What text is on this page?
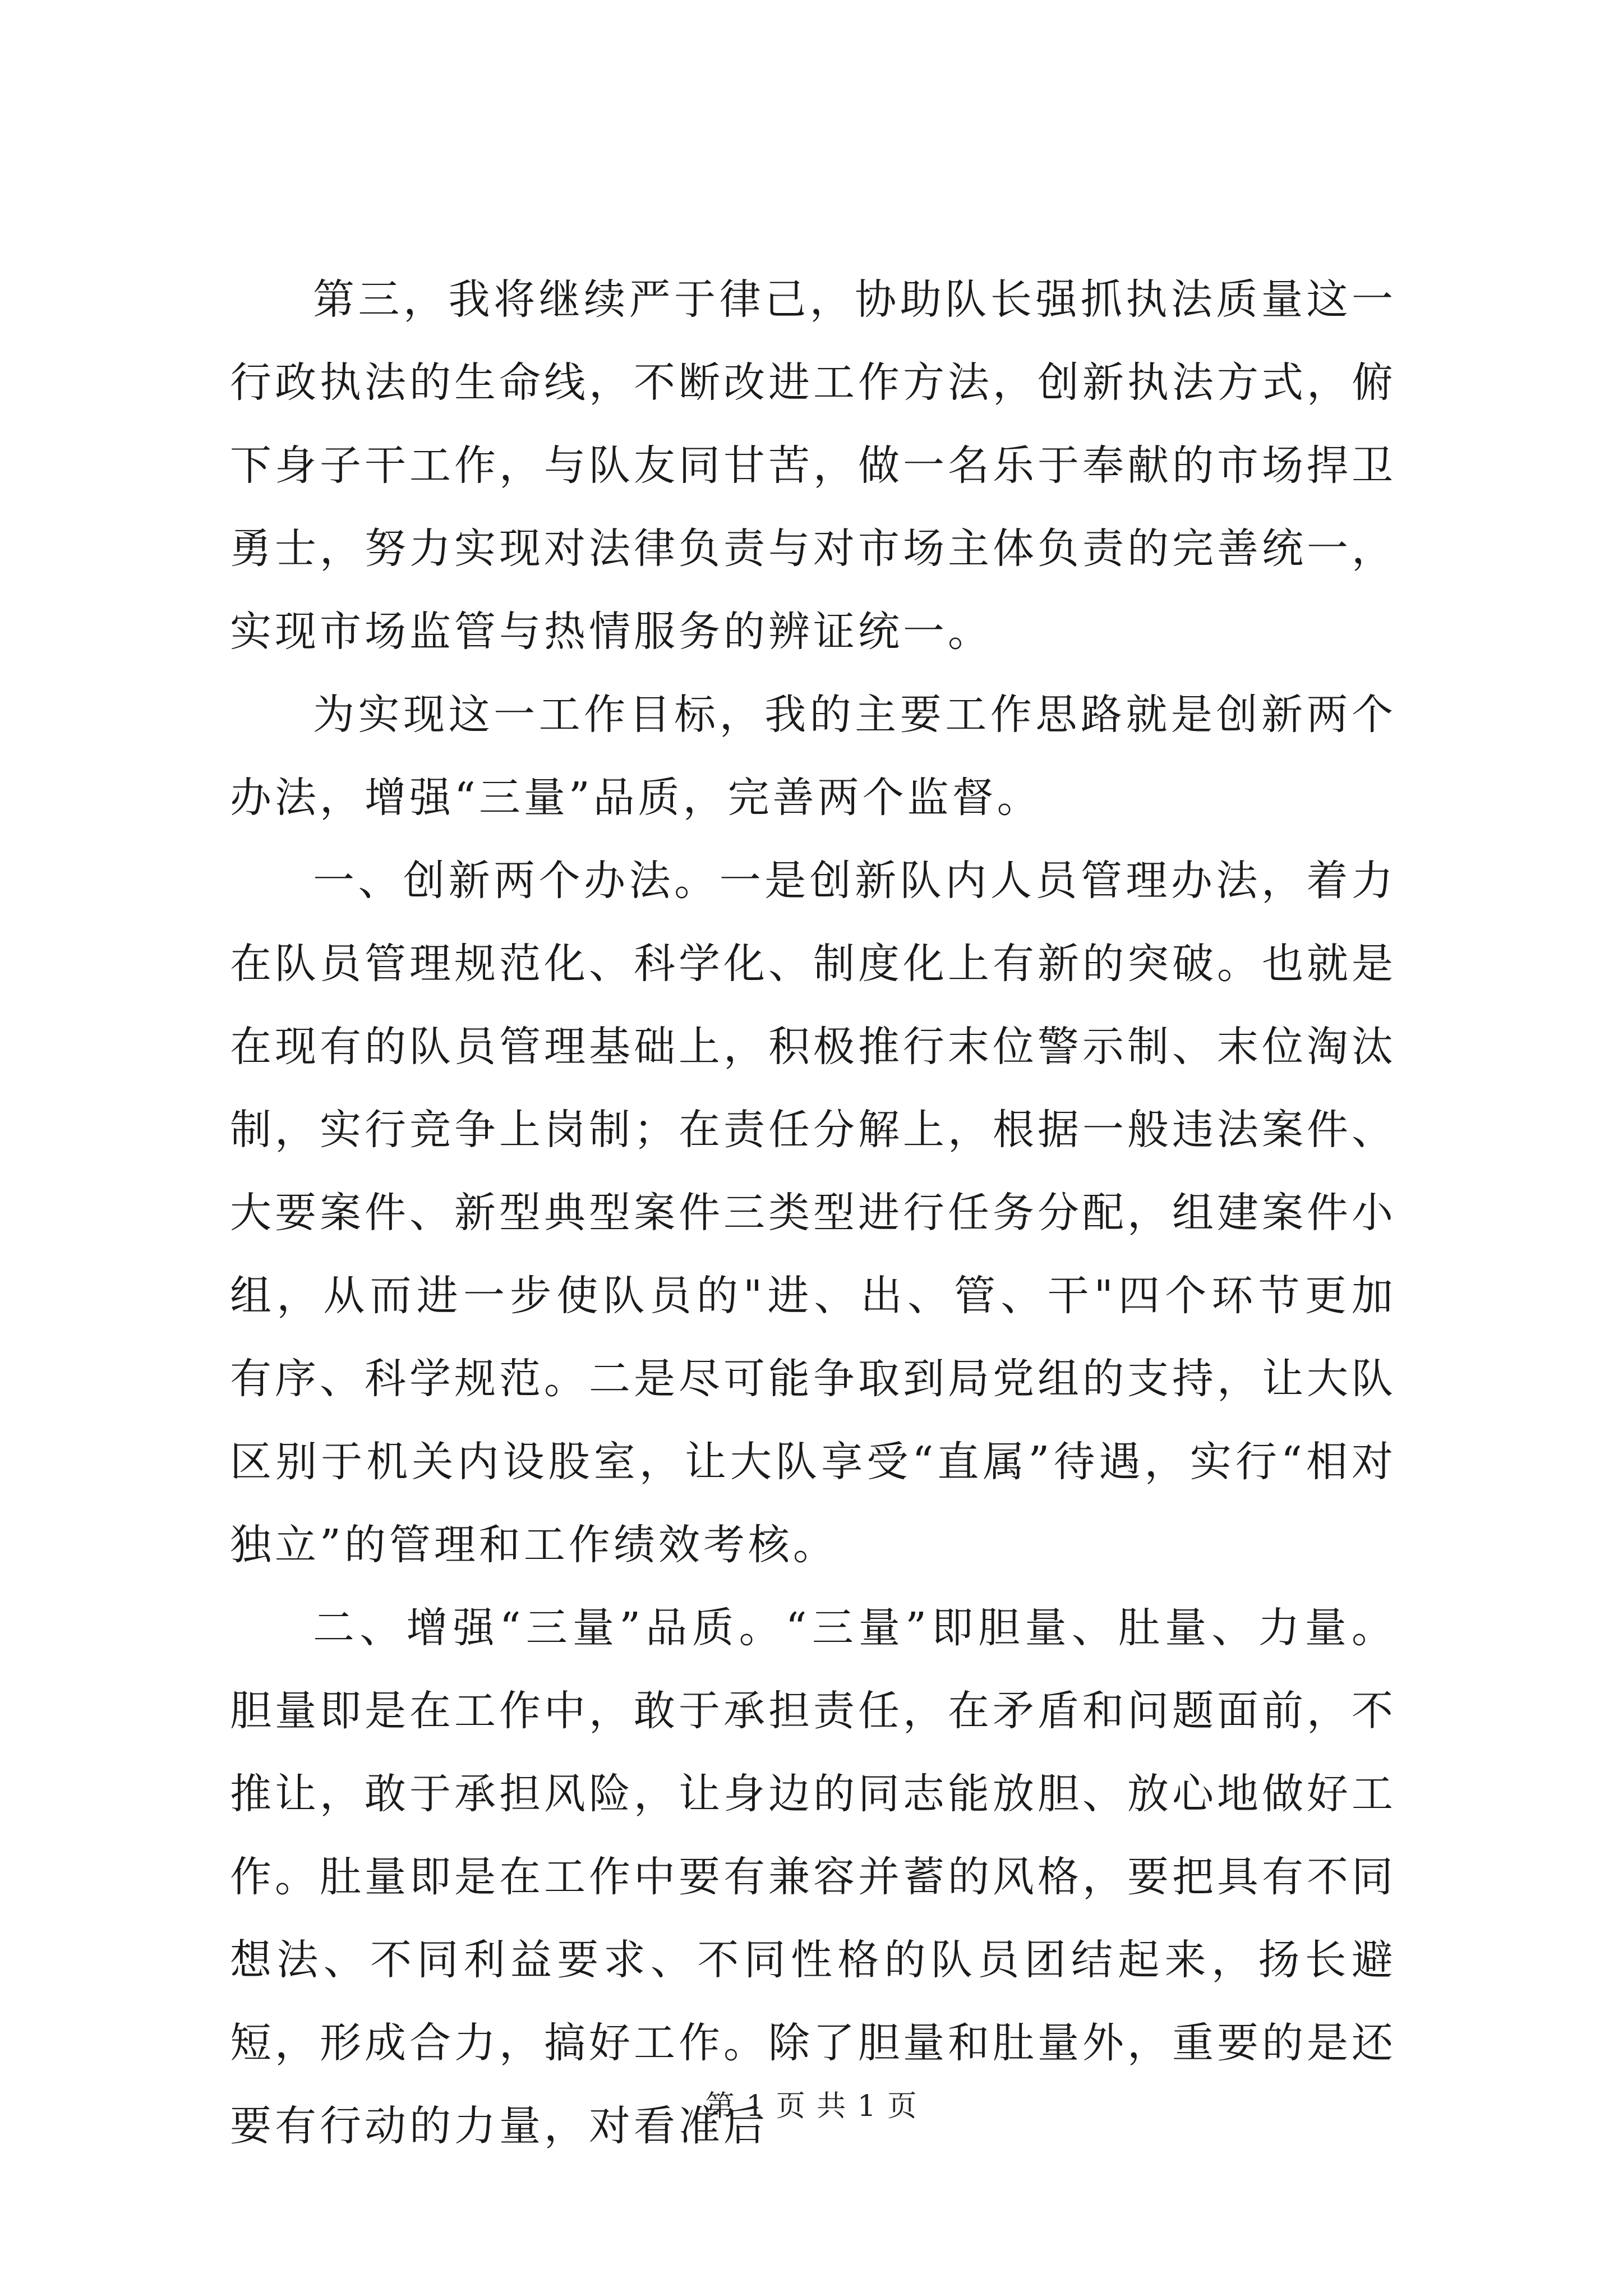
第三，我将继续严于律己，协助队长强抓执法质量这一行政执法的生命线，不断改进工作方法，创新执法方式，俯下身子干工作，与队友同甘苦，做一名乐于奉献的市场捍卫勇士，努力实现对法律负责与对市场主体负责的完善统一，实现市场监管与热情服务的辨证统一。

为实现这一工作目标，我的主要工作思路就是创新两个办法，增强“三量”品质，完善两个监督。

一、创新两个办法。一是创新队内人员管理办法，着力在队员管理规范化、科学化、制度化上有新的突破。也就是在现有的队员管理基础上，积极推行末位警示制、末位淘汰制，实行竞争上岗制；在责任分解上，根据一般违法案件、大要案件、新型典型案件三类型进行任务分配，组建案件小组，从而进一步使队员的"进、出、管、干"四个环节更加有序、科学规范。二是尽可能争取到局党组的支持，让大队区别于机关内设股室，让大队享受“直属”待遇，实行“相对独立”的管理和工作绩效考核。

二、增强“三量”品质。“三量”即胆量、肚量、力量。胆量即是在工作中，敢于承担责任，在矛盾和问题面前，不推让，敢于承担风险，让身边的同志能放胆、放心地做好工作。肚量即是在工作中要有兼容并蓄的风格，要把具有不同想法、不同利益要求、不同性格的队员团结起来，扬长避短，形成合力，搞好工作。除了胆量和肚量外，重要的是还要有行动的力量，对看准后

第 1 页 共 1 页
